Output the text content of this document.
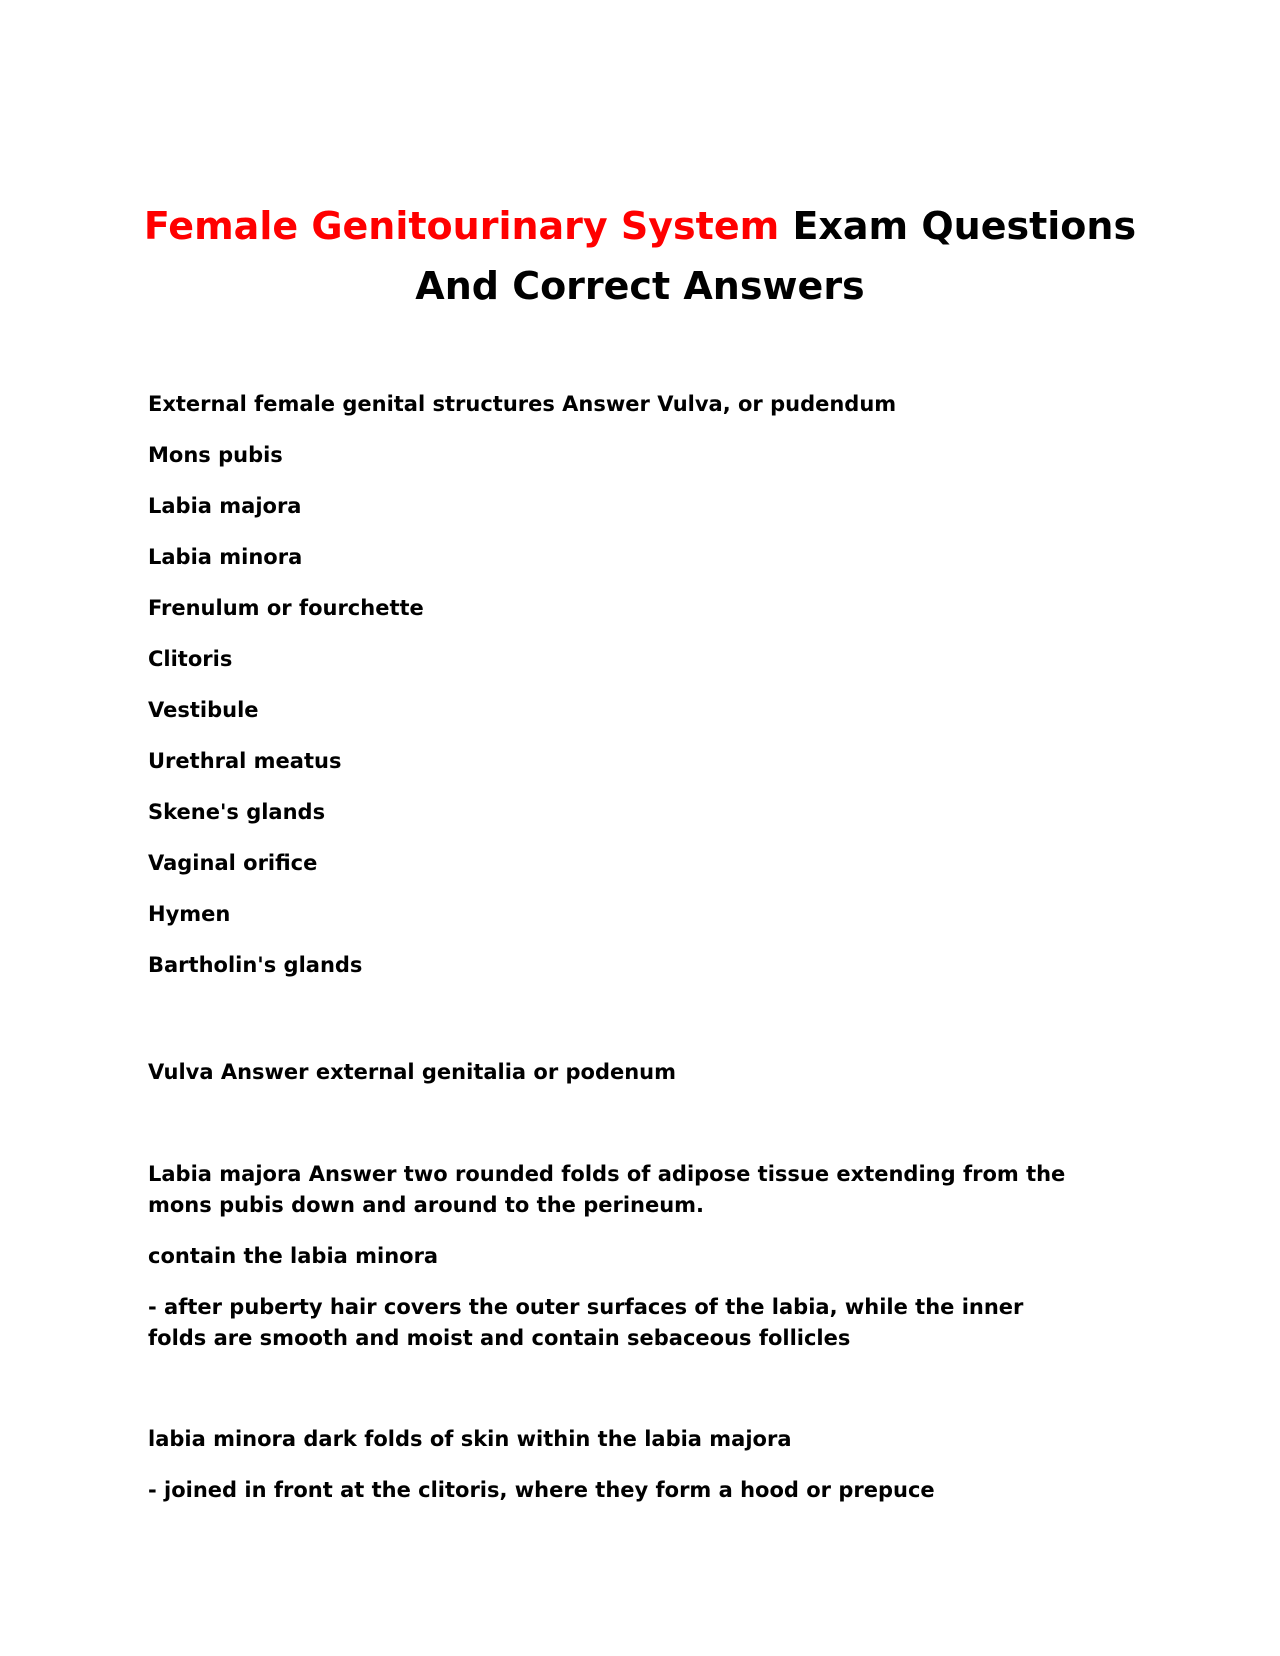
Female Genitourinary System Exam Questions
And Correct Answers

External female genital structures Answer Vulva, or pudendum

Mons pubis

Labia majora

Labia minora

Frenulum or fourchette

Clitoris

Vestibule

Urethral meatus

Skene's glands

Vaginal orifice

Hymen

Bartholin's glands

Vulva Answer external genitalia or podenum

Labia majora Answer two rounded folds of adipose tissue extending from the mons pubis down and around to the perineum.

contain the labia minora

- after puberty hair covers the outer surfaces of the labia, while the inner folds are smooth and moist and contain sebaceous follicles

labia minora dark folds of skin within the labia majora

- joined in front at the clitoris, where they form a hood or prepuce
